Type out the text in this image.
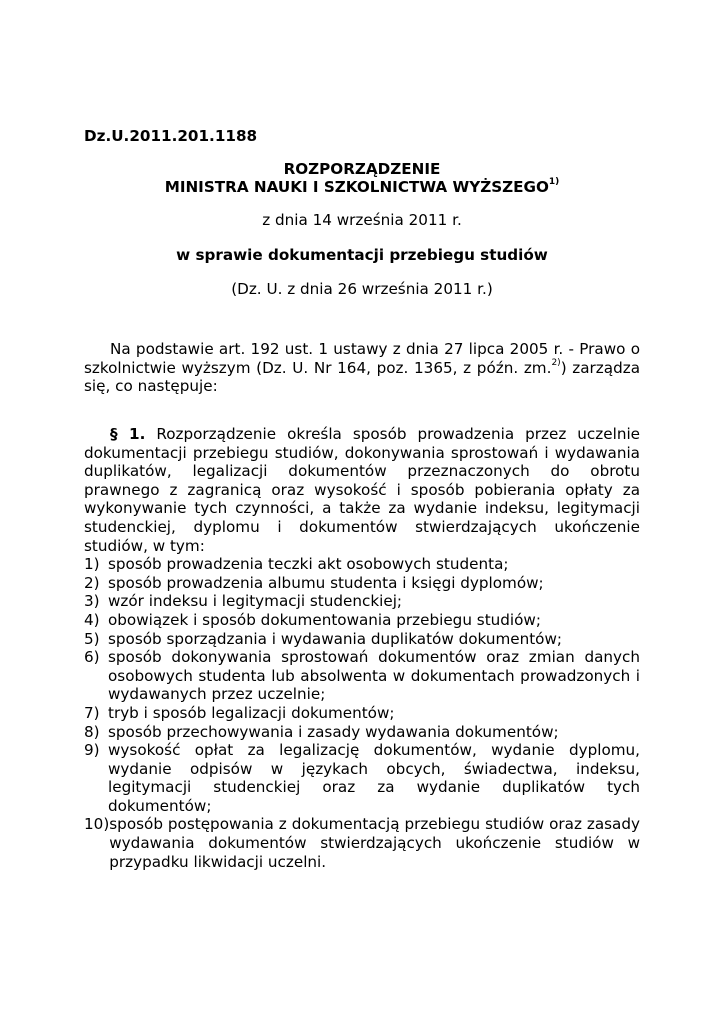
Dz.U.2011.201.1188
ROZPORZĄDZENIE
MINISTRA NAUKI I SZKOLNICTWA WYŻSZEGO$^{1)}$
z dnia 14 września 2011 r.
w sprawie dokumentacji przebiegu studiów
(Dz. U. z dnia 26 września 2011 r.)

Na podstawie art. 192 ust. 1 ustawy z dnia 27 lipca 2005 r. - Prawo o szkolnictwie wyższym (Dz. U. Nr 164, poz. 1365, z późn. zm.$^{2)}$) zarządza się, co następuje:

§ 1. Rozporządzenie określa sposób prowadzenia przez uczelnie dokumentacji przebiegu studiów, dokonywania sprostowań i wydawania duplikatów, legalizacji dokumentów przeznaczonych do obrotu prawnego z zagranicą oraz wysokość i sposób pobierania opłaty za wykonywanie tych czynności, a także za wydanie indeksu, legitymacji studenckiej, dyplomu i dokumentów stwierdzających ukończenie studiów, w tym:

1) sposób prowadzenia teczki akt osobowych studenta;
2) sposób prowadzenia albumu studenta i księgi dyplomów;
3) wzór indeksu i legitymacji studenckiej;
4) obowiązek i sposób dokumentowania przebiegu studiów;
5) sposób sporządzania i wydawania duplikatów dokumentów;
6) sposób dokonywania sprostowań dokumentów oraz zmian danych osobowych studenta lub absolwenta w dokumentach prowadzonych i wydawanych przez uczelnie;
7) tryb i sposób legalizacji dokumentów;
8) sposób przechowywania i zasady wydawania dokumentów;
9) wysokość opłat za legalizację dokumentów, wydanie dyplomu, wydanie odpisów w językach obcych, świadectwa, indeksu, legitymacji studenckiej oraz za wydanie duplikatów tych dokumentów;
10) sposób postępowania z dokumentacją przebiegu studiów oraz zasady wydawania dokumentów stwierdzających ukończenie studiów w przypadku likwidacji uczelni.
